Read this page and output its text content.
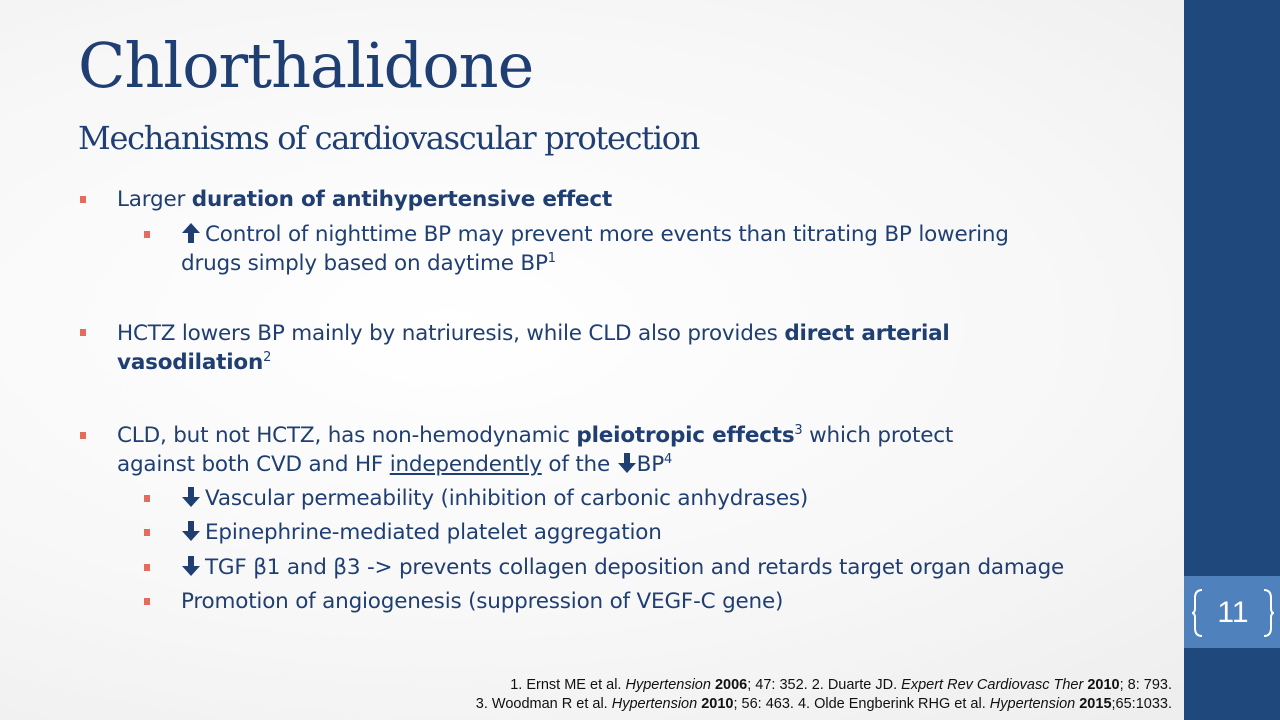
11
Chlorthalidone
Mechanisms of cardiovascular protection
Larger duration of antihypertensive effect
Control of nighttime BP may prevent more events than titrating BP lowering
drugs simply based on daytime $BP^1$
HCTZ lowers BP mainly by natriuresis, while CLD also provides direct arterial
vasodilation$^2$
CLD, but not HCTZ, has non-hemodynamic pleiotropic effects$^3$ which protect
against both CVD and HF independently of the $BP^4$
Vascular permeability (inhibition of carbonic anhydrases)
Epinephrine-mediated platelet aggregation
TGF β1 and β3 -> prevents collagen deposition and retards target organ damage
Promotion of angiogenesis (suppression of VEGF-C gene)
1. Ernst ME et al. Hypertension 2006; 47: 352. 2. Duarte JD. Expert Rev Cardiovasc Ther 2010; 8: 793.
3. Woodman R et al. Hypertension 2010; 56: 463. 4. Olde Engberink RHG et al. Hypertension 2015;65:1033.
